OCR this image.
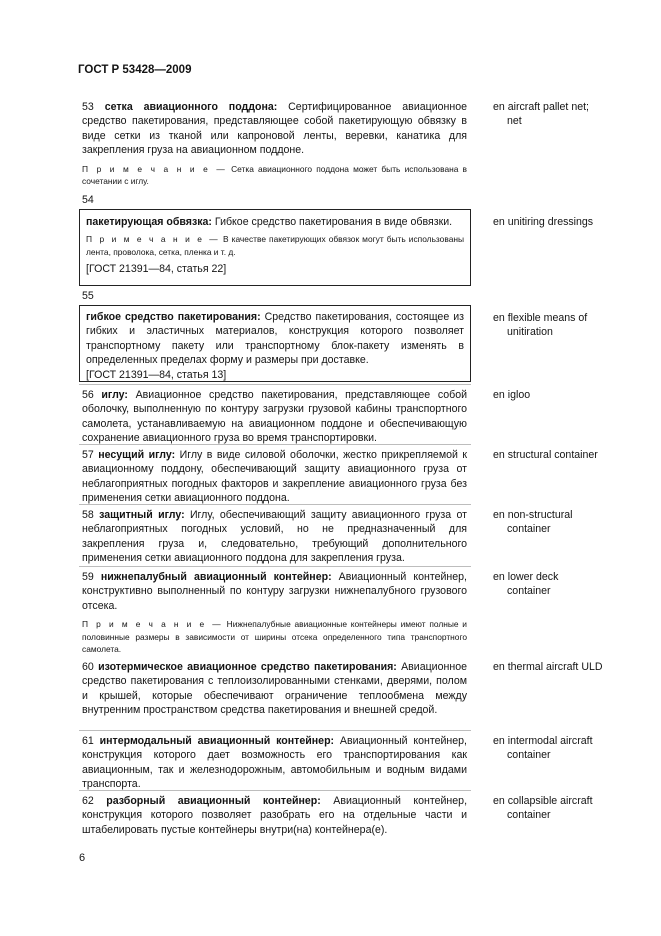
ГОСТ Р 53428—2009
53 сетка авиационного поддона: Сертифицированное авиационное средство пакетирования, представляющее собой пакетирующую обвязку в виде сетки из тканой или капроновой ленты, веревки, канатика для закрепления груза на авиационном поддоне.
П р и м е ч а н и е — Сетка авиационного поддона может быть использована в сочетании с иглу.
en aircraft pallet net;
net
54
пакетирующая обвязка: Гибкое средство пакетирования в виде обвязки.
П р и м е ч а н и е — В качестве пакетирующих обвязок могут быть использованы лента, проволока, сетка, пленка и т. д.
[ГОСТ 21391—84, статья 22]
en unitiring dressings
55
гибкое средство пакетирования: Средство пакетирования, состоящее из гибких и эластичных материалов, конструкция которого позволяет транспортному пакету или транспортному блок-пакету изменять в определенных пределах форму и размеры при доставке.
[ГОСТ 21391—84, статья 13]
en flexible means of
unitiration
56 иглу: Авиационное средство пакетирования, представляющее собой оболочку, выполненную по контуру загрузки грузовой кабины транспортного самолета, устанавливаемую на авиационном поддоне и обеспечивающую сохранение авиационного груза во время транспортировки.
en igloo
57 несущий иглу: Иглу в виде силовой оболочки, жестко прикрепляемой к авиационному поддону, обеспечивающий защиту авиационного груза от неблагоприятных погодных факторов и закрепление авиационного груза без применения сетки авиационного поддона.
en structural container
58 защитный иглу: Иглу, обеспечивающий защиту авиационного груза от неблагоприятных погодных условий, но не предназначенный для закрепления груза и, следовательно, требующий дополнительного применения сетки авиационного поддона для закрепления груза.
en non-structural
container
59 нижнепалубный авиационный контейнер: Авиационный контейнер, конструктивно выполненный по контуру загрузки нижнепалубного грузового отсека.
П р и м е ч а н и е — Нижнепалубные авиационные контейнеры имеют полные и половинные размеры в зависимости от ширины отсека определенного типа транспортного самолета.
en lower deck
container
60 изотермическое авиационное средство пакетирования: Авиационное средство пакетирования с теплоизолированными стенками, дверями, полом и крышей, которые обеспечивают ограничение теплообмена между внутренним пространством средства пакетирования и внешней средой.
en thermal aircraft ULD
61 интермодальный авиационный контейнер: Авиационный контейнер, конструкция которого дает возможность его транспортирования как авиационным, так и железнодорожным, автомобильным и водным видами транспорта.
en intermodal aircraft
container
62 разборный авиационный контейнер: Авиационный контейнер, конструкция которого позволяет разобрать его на отдельные части и штабелировать пустые контейнеры внутри(на) контейнера(е).
en collapsible aircraft
container
6
